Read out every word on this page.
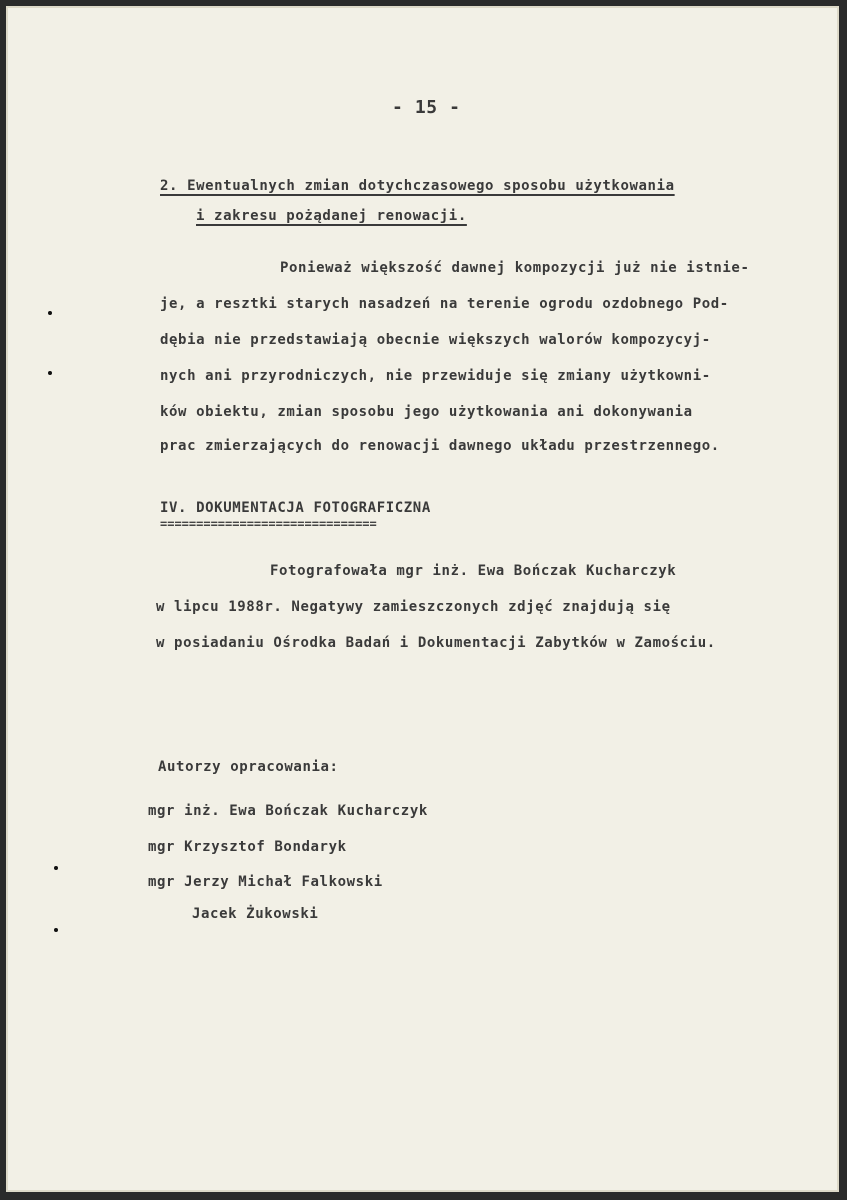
- 15 -
2. Ewentualnych zmian dotychczasowego sposobu użytkowania
i zakresu pożądanej renowacji.
Ponieważ większość dawnej kompozycji już nie istnie-
je, a resztki starych nasadzeń na terenie ogrodu ozdobnego Pod-
dębia nie przedstawiają obecnie większych walorów kompozycyj-
nych ani przyrodniczych, nie przewiduje się zmiany użytkowni-
ków obiektu, zmian sposobu jego użytkowania ani dokonywania
prac zmierzających do renowacji dawnego układu przestrzennego.
IV. DOKUMENTACJA FOTOGRAFICZNA
==============================
Fotografowała mgr inż. Ewa Bończak Kucharczyk
w lipcu 1988r. Negatywy zamieszczonych zdjęć znajdują się
w posiadaniu Ośrodka Badań i Dokumentacji Zabytków w Zamościu.
Autorzy opracowania:
mgr inż. Ewa Bończak Kucharczyk
mgr Krzysztof Bondaryk
mgr Jerzy Michał Falkowski
Jacek Żukowski
